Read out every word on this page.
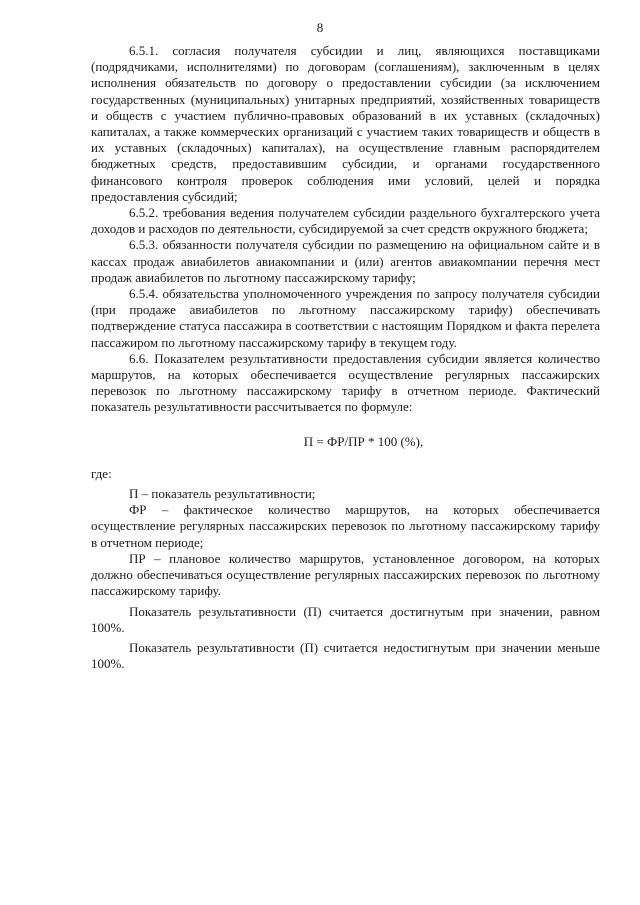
8

6.5.1. согласия получателя субсидии и лиц, являющихся поставщиками (подрядчиками, исполнителями) по договорам (соглашениям), заключенным в целях исполнения обязательств по договору о предоставлении субсидии (за исключением государственных (муниципальных) унитарных предприятий, хозяйственных товариществ и обществ с участием публично-правовых образований в их уставных (складочных) капиталах, а также коммерческих организаций с участием таких товариществ и обществ в их уставных (складочных) капиталах), на осуществление главным распорядителем бюджетных средств, предоставившим субсидии, и органами государственного финансового контроля проверок соблюдения ими условий, целей и порядка предоставления субсидий;

6.5.2. требования ведения получателем субсидии раздельного бухгалтерского учета доходов и расходов по деятельности, субсидируемой за счет средств окружного бюджета;

6.5.3. обязанности получателя субсидии по размещению на официальном сайте и в кассах продаж авиабилетов авиакомпании и (или) агентов авиакомпании перечня мест продаж авиабилетов по льготному пассажирскому тарифу;

6.5.4. обязательства уполномоченного учреждения по запросу получателя субсидии (при продаже авиабилетов по льготному пассажирскому тарифу) обеспечивать подтверждение статуса пассажира в соответствии с настоящим Порядком и факта перелета пассажиром по льготному пассажирскому тарифу в текущем году.

6.6. Показателем результативности предоставления субсидии является количество маршрутов, на которых обеспечивается осуществление регулярных пассажирских перевозок по льготному пассажирскому тарифу в отчетном периоде. Фактический показатель результативности рассчитывается по формуле:

П = ФР/ПР * 100 (%),

где:

П – показатель результативности;

ФР – фактическое количество маршрутов, на которых обеспечивается осуществление регулярных пассажирских перевозок по льготному пассажирскому тарифу в отчетном периоде;

ПР – плановое количество маршрутов, установленное договором, на которых должно обеспечиваться осуществление регулярных пассажирских перевозок по льготному пассажирскому тарифу.

Показатель результативности (П) считается достигнутым при значении, равном 100%.

Показатель результативности (П) считается недостигнутым при значении меньше 100%.
